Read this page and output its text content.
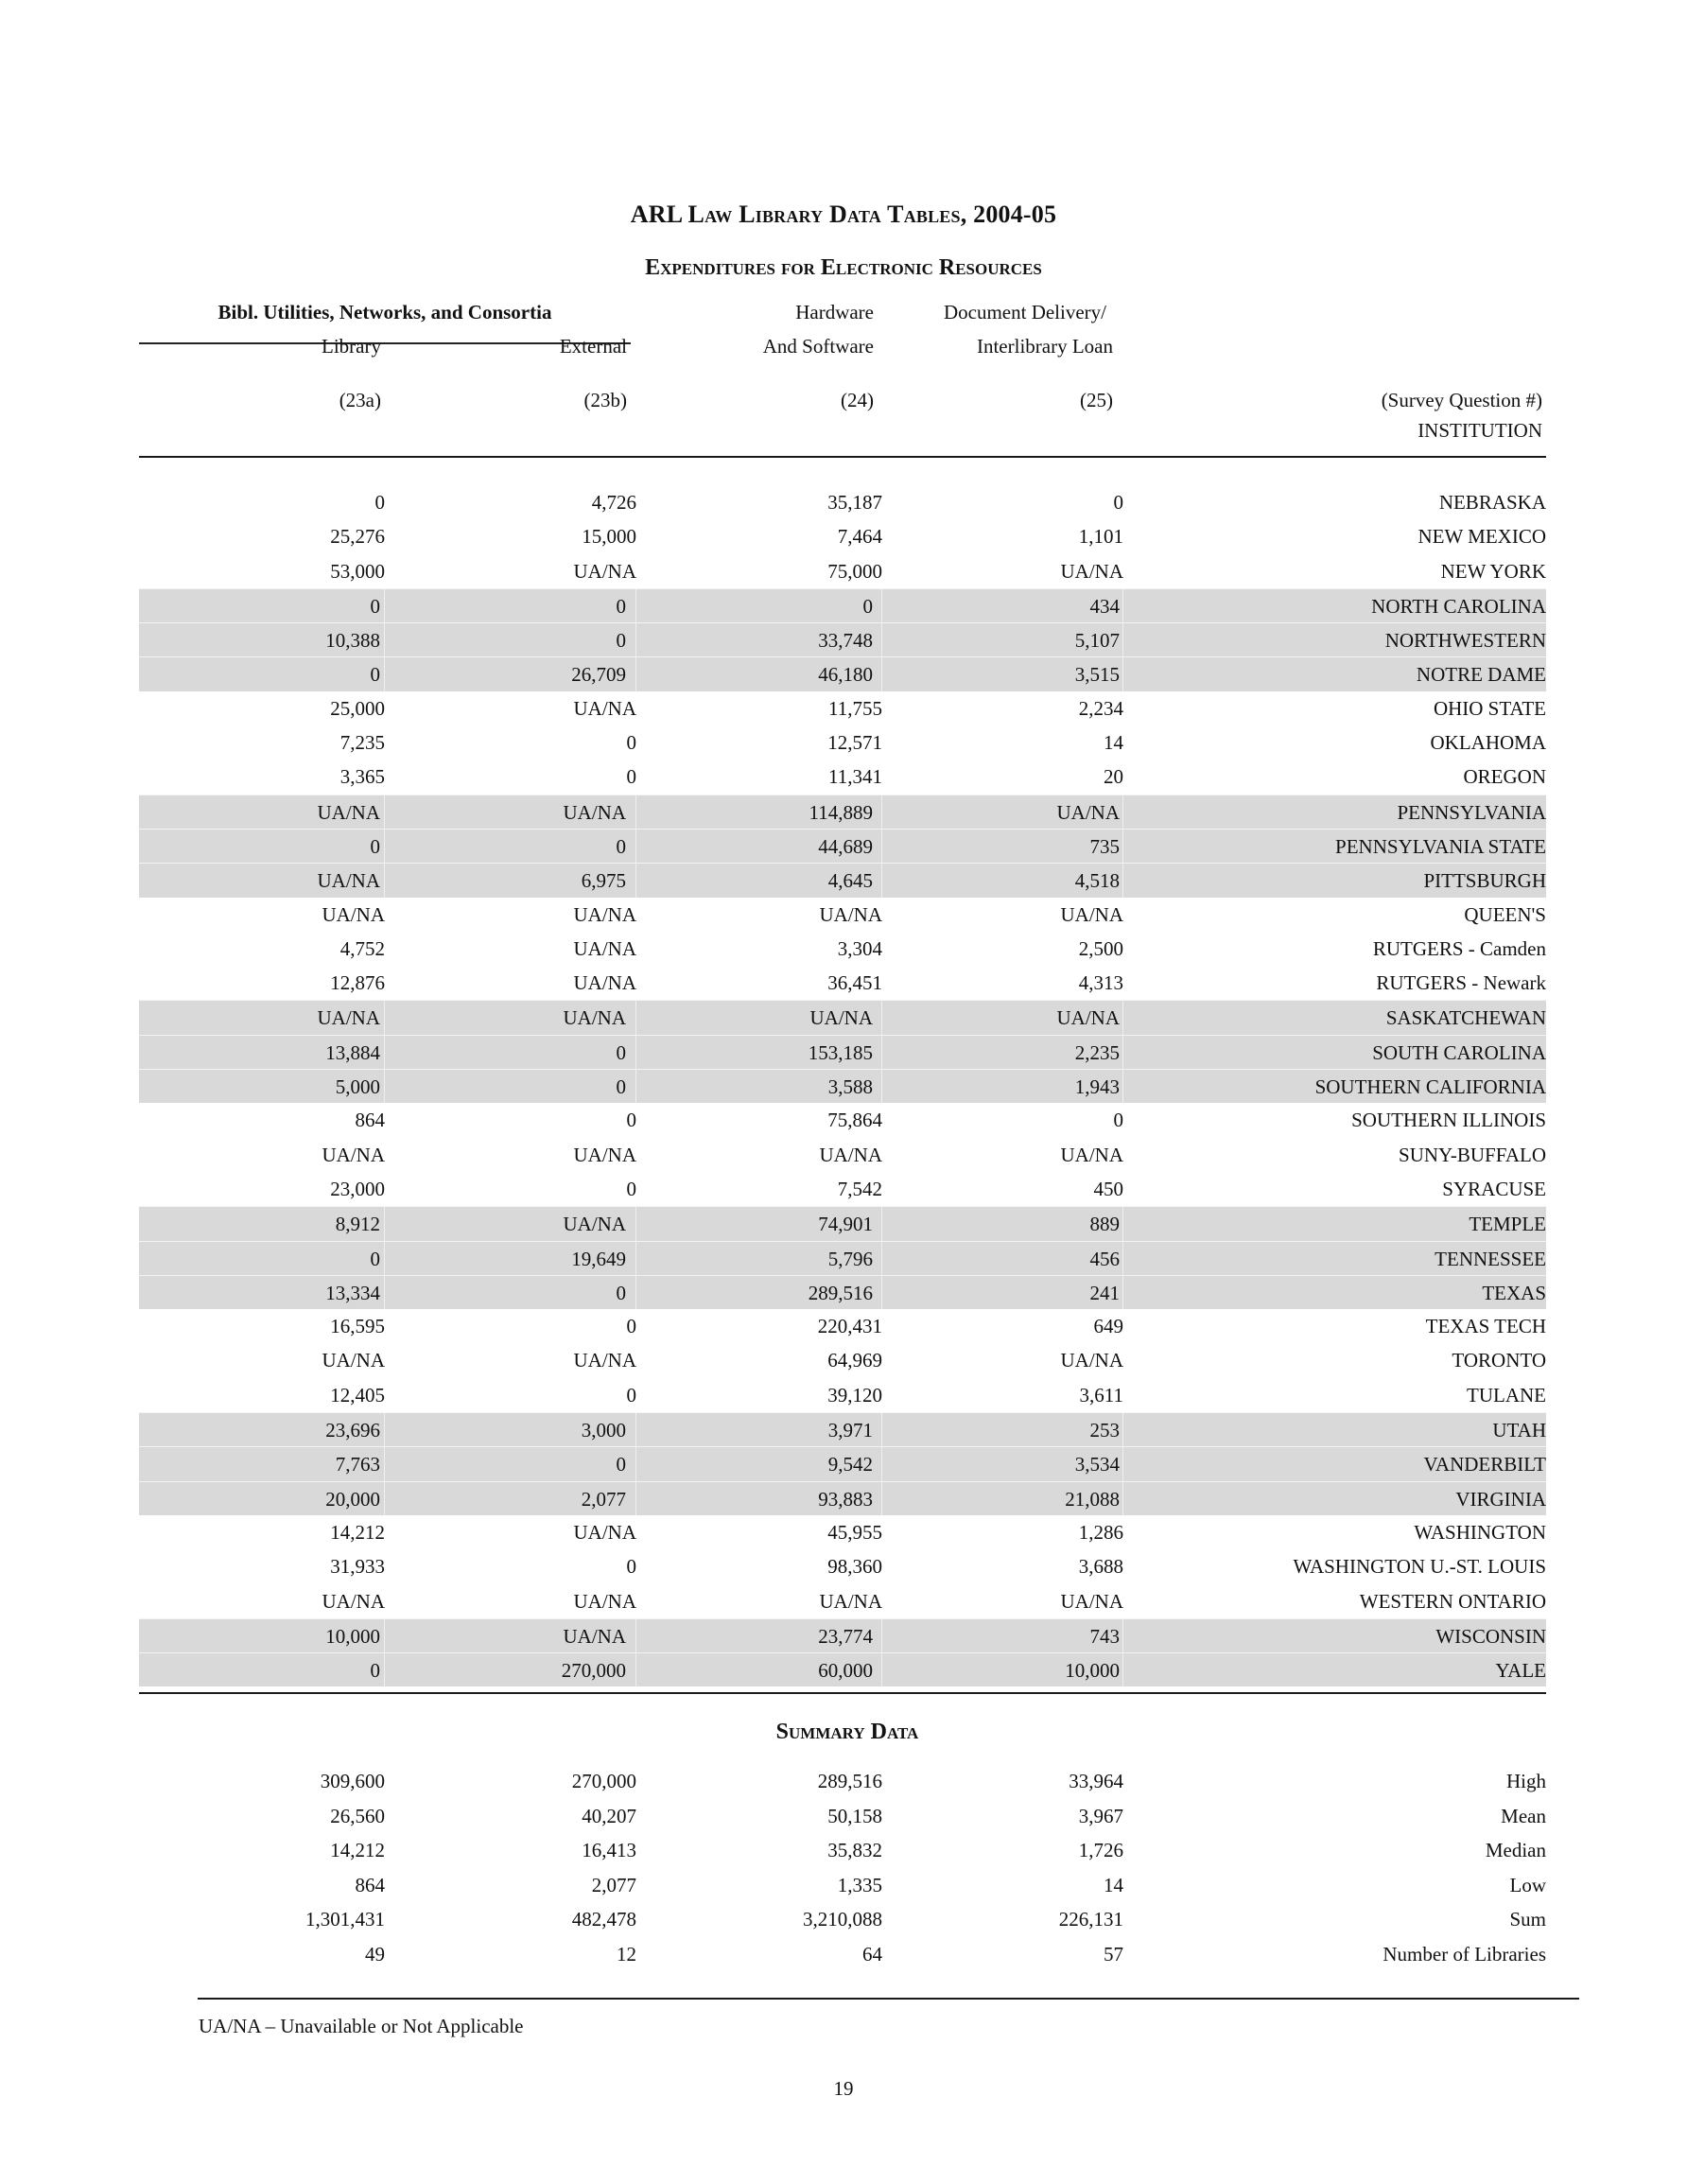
ARL Law Library Data Tables, 2004-05
Expenditures for Electronic Resources
Bibl. Utilities, Networks, and Consortia	Hardware	Document Delivery/
Library	External	And Software	Interlibrary Loan
(23a)	(23b)	(24)	(25)	(Survey Question #)
INSTITUTION
0	4,726	35,187	0	NEBRASKA
25,276	15,000	7,464	1,101	NEW MEXICO
53,000	UA/NA	75,000	UA/NA	NEW YORK
0	0	0	434	NORTH CAROLINA
10,388	0	33,748	5,107	NORTHWESTERN
0	26,709	46,180	3,515	NOTRE DAME
25,000	UA/NA	11,755	2,234	OHIO STATE
7,235	0	12,571	14	OKLAHOMA
3,365	0	11,341	20	OREGON
UA/NA	UA/NA	114,889	UA/NA	PENNSYLVANIA
0	0	44,689	735	PENNSYLVANIA STATE
UA/NA	6,975	4,645	4,518	PITTSBURGH
UA/NA	UA/NA	UA/NA	UA/NA	QUEEN'S
4,752	UA/NA	3,304	2,500	RUTGERS - Camden
12,876	UA/NA	36,451	4,313	RUTGERS - Newark
UA/NA	UA/NA	UA/NA	UA/NA	SASKATCHEWAN
13,884	0	153,185	2,235	SOUTH CAROLINA
5,000	0	3,588	1,943	SOUTHERN CALIFORNIA
864	0	75,864	0	SOUTHERN ILLINOIS
UA/NA	UA/NA	UA/NA	UA/NA	SUNY-BUFFALO
23,000	0	7,542	450	SYRACUSE
8,912	UA/NA	74,901	889	TEMPLE
0	19,649	5,796	456	TENNESSEE
13,334	0	289,516	241	TEXAS
16,595	0	220,431	649	TEXAS TECH
UA/NA	UA/NA	64,969	UA/NA	TORONTO
12,405	0	39,120	3,611	TULANE
23,696	3,000	3,971	253	UTAH
7,763	0	9,542	3,534	VANDERBILT
20,000	2,077	93,883	21,088	VIRGINIA
14,212	UA/NA	45,955	1,286	WASHINGTON
31,933	0	98,360	3,688	WASHINGTON U.-ST. LOUIS
UA/NA	UA/NA	UA/NA	UA/NA	WESTERN ONTARIO
10,000	UA/NA	23,774	743	WISCONSIN
0	270,000	60,000	10,000	YALE
Summary Data
309,600	270,000	289,516	33,964	High
26,560	40,207	50,158	3,967	Mean
14,212	16,413	35,832	1,726	Median
864	2,077	1,335	14	Low
1,301,431	482,478	3,210,088	226,131	Sum
49	12	64	57	Number of Libraries
UA/NA – Unavailable or Not Applicable
19
